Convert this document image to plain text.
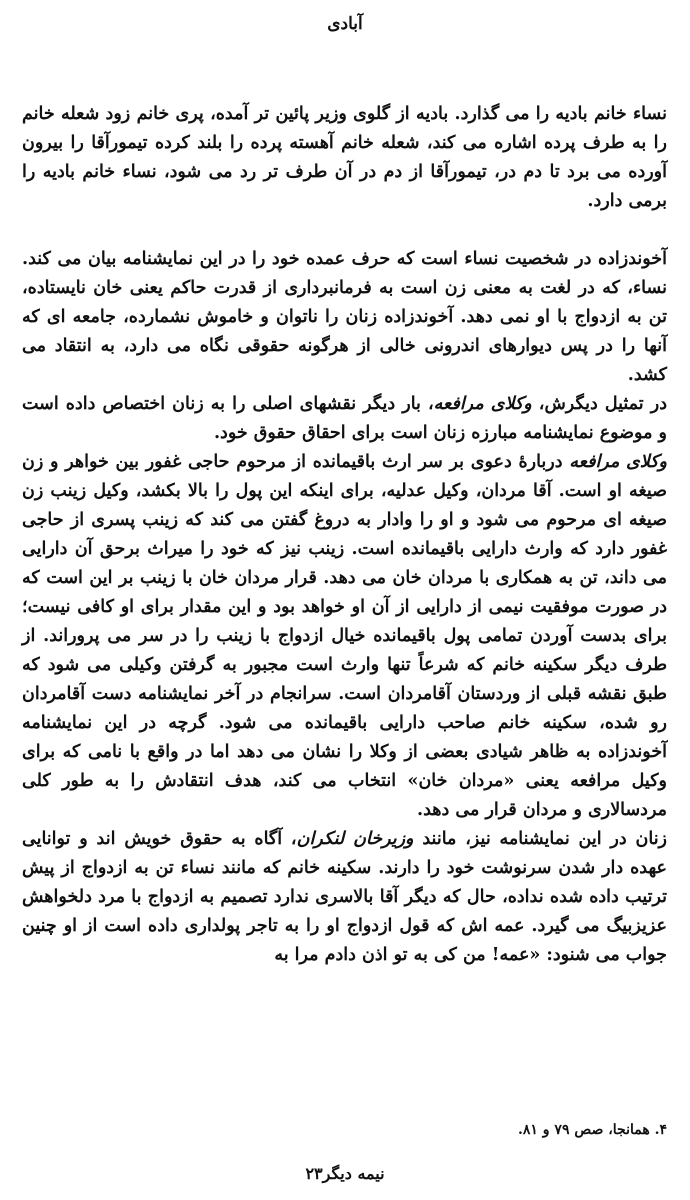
آبادی

نساء خانم بادیه را می گذارد. بادیه از گلوی وزیر پائین تر آمده، پری خانم زود شعله خانم را به طرف پرده اشاره می کند، شعله خانم آهسته پرده را بلند کرده تیمورآقا را بیرون آورده می برد تا دم در، تیمورآقا از دم در آن طرف تر رد می شود، نساء خانم بادیه را برمی دارد.

آخوندزاده در شخصیت نساء است که حرف عمده خود را در این نمایشنامه بیان می کند. نساء، که در لغت به معنی زن است به فرمانبرداری از قدرت حاکم یعنی خان نایستاده، تن به ازدواج با او نمی دهد. آخوندزاده زنان را ناتوان و خاموش نشمارده، جامعه ای که آنها را در پس دیوارهای اندرونی خالی از هرگونه حقوقی نگاه می دارد، به انتقاد می کشد.

در تمثیل دیگرش، وکلای مرافعه، بار دیگر نقشهای اصلی را به زنان اختصاص داده است و موضوع نمایشنامه مبارزه زنان است برای احقاق حقوق خود.

وکلای مرافعه دربارهٔ دعوی بر سر ارث باقیمانده از مرحوم حاجی غفور بین خواهر و زن صیغه او است. آقا مردان، وکیل عدلیه، برای اینکه این پول را بالا بکشد، وکیل زینب زن صیغه ای مرحوم می شود و او را وادار به دروغ گفتن می کند که زینب پسری از حاجی غفور دارد که وارث دارایی باقیمانده است. زینب نیز که خود را میراث برحق آن دارایی می داند، تن به همکاری با مردان خان می دهد. قرار مردان خان با زینب بر این است که در صورت موفقیت نیمی از دارایی از آن او خواهد بود و این مقدار برای او کافی نیست؛ برای بدست آوردن تمامی پول باقیمانده خیال ازدواج با زینب را در سر می پروراند. از طرف دیگر سکینه خانم که شرعاً تنها وارث است مجبور به گرفتن وکیلی می شود که طبق نقشه قبلی از وردستان آقامردان است. سرانجام در آخر نمایشنامه دست آقامردان رو شده، سکینه خانم صاحب دارایی باقیمانده می شود. گرچه در این نمایشنامه آخوندزاده به ظاهر شیادی بعضی از وکلا را نشان می دهد اما در واقع با نامی که برای وکیل مرافعه یعنی «مردان خان» انتخاب می کند، هدف انتقادش را به طور کلی مردسالاری و مردان قرار می دهد.

زنان در این نمایشنامه نیز، مانند وزیرخان لنکران، آگاه به حقوق خویش اند و توانایی عهده دار شدن سرنوشت خود را دارند. سکینه خانم که مانند نساء تن به ازدواج از پیش ترتیب داده شده نداده، حال که دیگر آقا بالاسری ندارد تصمیم به ازدواج با مرد دلخواهش عزیزبیگ می گیرد. عمه اش که قول ازدواج او را به تاجر پولداری داده است از او چنین جواب می شنود: «عمه! من کی به تو اذن دادم مرا به

۴. همانجا، صص ۷۹ و ۸۱.
نیمه دیگر۲۳
